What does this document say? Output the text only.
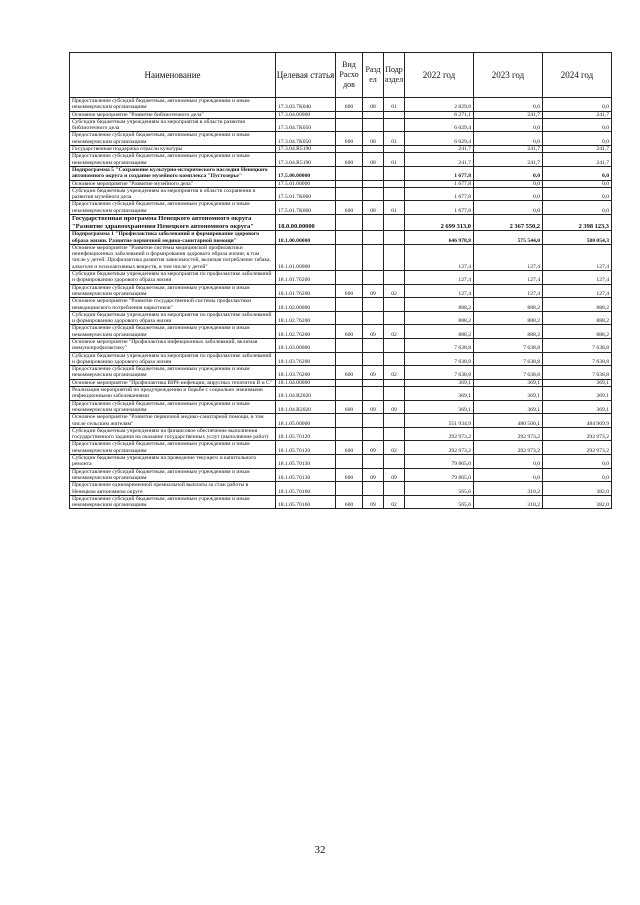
Наименование	Целевая статья	Вид Расхо дов	Разд ел	Подр аздел	2022 год	2023 год	2024 год
Предоставление субсидий бюджетным, автономным учреждениям и иным некоммерческим организациям	17.3.03.7К040	600	08	01	2 829,8	0,0	0,0
Основное мероприятие "Развитие библиотечного дела"	17.3.04.00000				6 271,1	241,7	241,7
Субсидии бюджетным учреждениям на мероприятия в области развития библиотечного дела	17.3.04.7К050				6 029,4	0,0	0,0
Предоставление субсидий бюджетным, автономным учреждениям и иным некоммерческим организациям	17.3.04.7К050	600	08	01	6 029,4	0,0	0,0
Государственная поддержка отрасли культуры	17.3.04.R5190				241,7	241,7	241,7
Предоставление субсидий бюджетным, автономным учреждениям и иным некоммерческим организациям	17.3.04.R5190	600	08	01	241,7	241,7	241,7
Подпрограмма 5 "Сохранение культурно-исторического наследия Ненецкого автономного округа и создание музейного комплекса "Пустозерье"	17.5.00.00000				1 677,8	0,0	0,0
Основное мероприятие "Развитие музейного дела"	17.5.01.00000				1 677,8	0,0	0,0
Субсидии бюджетным учреждениям на мероприятия в области сохранения и развития музейного дела	17.5.01.7К060				1 677,8	0,0	0,0
Предоставление субсидий бюджетным, автономным учреждениям и иным некоммерческим организациям	17.5.01.7К060	600	08	01	1 677,8	0,0	0,0
Государственная программа Ненецкого автономного округа "Развитие здравоохранения Ненецкого автономного округа"	18.0.00.00000				2 699 313,0	2 367 550,2	2 398 123,3
Подпрограмма 1 "Профилактика заболеваний и формирование здорового образа жизни. Развитие первичной медико-санитарной помощи"	18.1.00.00000				646 978,8	575 544,0	580 054,3
Основное мероприятие "Развитие системы медицинской профилактики неинфекционных заболеваний и формирования здорового образа жизни, в том числе у детей. Профилактика развития зависимостей, включая потребление табака, алкоголя и психоактивных веществ, в том числе у детей"	18.1.01.00000				127,4	127,4	127,4
Субсидии бюджетным учреждениям на мероприятия по профилактике заболеваний и формированию здорового образа жизни	18.1.01.76200				127,4	127,4	127,4
Предоставление субсидий бюджетным, автономным учреждениям и иным некоммерческим организациям	18.1.01.76200	600	09	02	127,4	127,4	127,4
Основное мероприятие "Развитие государственной системы профилактики немедицинского потребления наркотиков"	18.1.02.00000				888,2	888,2	888,2
Субсидии бюджетным учреждениям на мероприятия по профилактике заболеваний и формированию здорового образа жизни	18.1.02.76200				888,2	888,2	888,2
Предоставление субсидий бюджетным, автономным учреждениям и иным некоммерческим организациям	18.1.02.76200	600	09	02	888,2	888,2	888,2
Основное мероприятие "Профилактика инфекционных заболеваний, включая иммунопрофилактику"	18.1.03.00000				7 638,8	7 638,8	7 638,8
Субсидии бюджетным учреждениям на мероприятия по профилактике заболеваний и формированию здорового образа жизни	18.1.03.76200				7 638,8	7 638,8	7 638,8
Предоставление субсидий бюджетным, автономным учреждениям и иным некоммерческим организациям	18.1.03.76200	600	09	02	7 638,8	7 638,8	7 638,8
Основное мероприятие "Профилактика ВИЧ-инфекции, вирусных гепатитов В и С"	18.1.04.00000				369,1	369,1	369,1
Реализация мероприятий по предупреждению и борьбе с социально значимыми инфекционными заболеваниями	18.1.04.R2020				369,1	369,1	369,1
Предоставление субсидий бюджетным, автономным учреждениям и иным некоммерческим организациям	18.1.04.R2020	600	09	09	369,1	369,1	369,1
Основное мероприятие "Развитие первичной медико-санитарной помощи, в том числе сельским жителям"	18.1.05.00000				551 934,9	480 500,1	484 969,9
Субсидии бюджетным учреждениям на финансовое обеспечение выполнения государственного задания на оказание государственных услуг (выполнение работ)	18.1.05.70120				292 973,2	292 973,2	292 973,2
Предоставление субсидий бюджетным, автономным учреждениям и иным некоммерческим организациям	18.1.05.70120	600	09	02	292 973,2	292 973,2	292 973,2
Субсидии бюджетным учреждениям на проведение текущего и капитального ремонта	18.1.05.70130				79 865,0	0,0	0,0
Предоставление субсидий бюджетным, автономным учреждениям и иным некоммерческим организациям	18.1.05.70130	600	09	09	79 865,0	0,0	0,0
Предоставление единовременной премиальной выплаты за стаж работы в Ненецком автономном округе	18.1.05.70160				565,6	310,2	382,0
Предоставление субсидий бюджетным, автономным учреждениям и иным некоммерческим организациям	18.1.05.70160	600	09	02	565,6	310,2	382,0
32
